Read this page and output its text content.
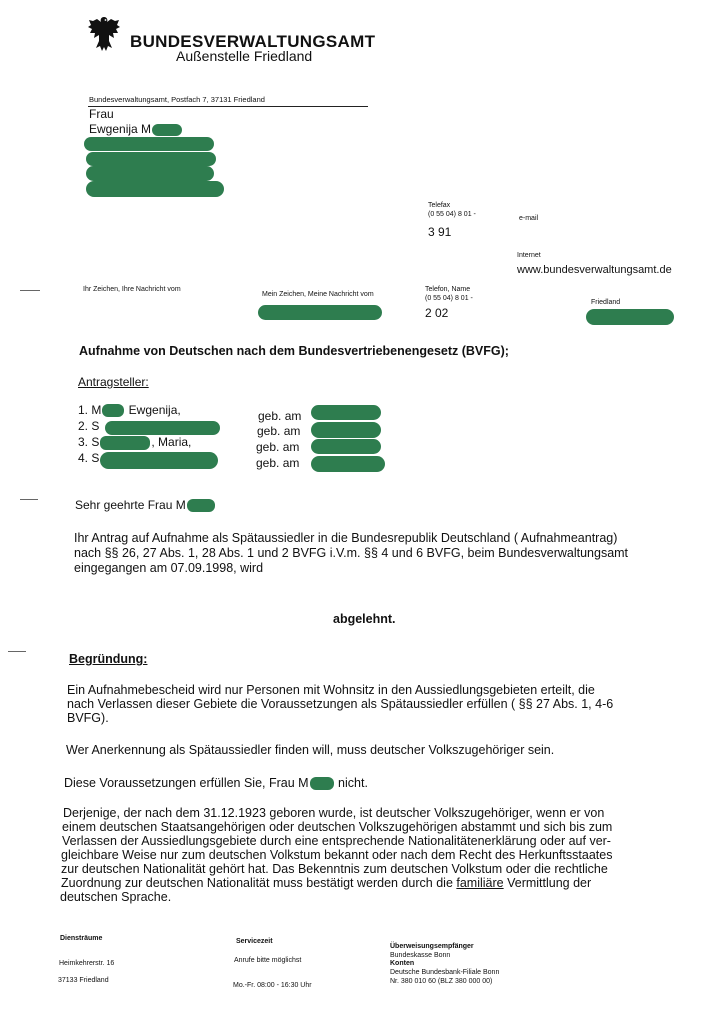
BUNDESVERWALTUNGSAMT
Außenstelle Friedland
Bundesverwaltungsamt, Postfach 7, 37131 Friedland
Frau
Ewgenija M
Telefax
(0 55 04) 8 01 -
3 91
e-mail
Internet
www.bundesverwaltungsamt.de
Ihr Zeichen, Ihre Nachricht vom
Mein Zeichen, Meine Nachricht vom
Telefon, Name
(0 55 04) 8 01 -
2 02
Friedland
Aufnahme von Deutschen nach dem Bundesvertriebenengesetz (BVFG);
Antragsteller:
1. M Ewgenija,
2. S
3. S	, Maria,
4. S
geb. am
geb. am
geb. am
geb. am
Sehr geehrte Frau M
Ihr Antrag auf Aufnahme als Spätaussiedler in die Bundesrepublik Deutschland ( Aufnahmeantrag)
nach §§ 26, 27 Abs. 1, 28 Abs. 1 und 2 BVFG i.V.m. §§ 4 und 6 BVFG, beim Bundesverwaltungsamt
eingegangen am 07.09.1998, wird
abgelehnt.
Begründung:
Ein Aufnahmebescheid wird nur Personen mit Wohnsitz in den Aussiedlungsgebieten erteilt, die
nach Verlassen dieser Gebiete die Voraussetzungen als Spätaussiedler erfüllen ( §§ 27 Abs. 1, 4-6
BVFG).
Wer Anerkennung als Spätaussiedler finden will, muss deutscher Volkszugehöriger sein.
Diese Voraussetzungen erfüllen Sie, Frau M nicht.
Derjenige, der nach dem 31.12.1923 geboren wurde, ist deutscher Volkszugehöriger, wenn er von
einem deutschen Staatsangehörigen oder deutschen Volkszugehörigen abstammt und sich bis zum
Verlassen der Aussiedlungsgebiete durch eine entsprechende Nationalitätenerklärung oder auf ver-
gleichbare Weise nur zum deutschen Volkstum bekannt oder nach dem Recht des Herkunftsstaates
zur deutschen Nationalität gehört hat. Das Bekenntnis zum deutschen Volkstum oder die rechtliche
Zuordnung zur deutschen Nationalität muss bestätigt werden durch die familiäre Vermittlung der
deutschen Sprache.
Diensträume
Heimkehrerstr. 16
37133 Friedland
Servicezeit
Anrufe bitte möglichst
Mo.-Fr. 08:00 - 16:30 Uhr
Überweisungsempfänger
Bundeskasse Bonn
Konten
Deutsche Bundesbank-Filiale Bonn
Nr. 380 010 60 (BLZ 380 000 00)
